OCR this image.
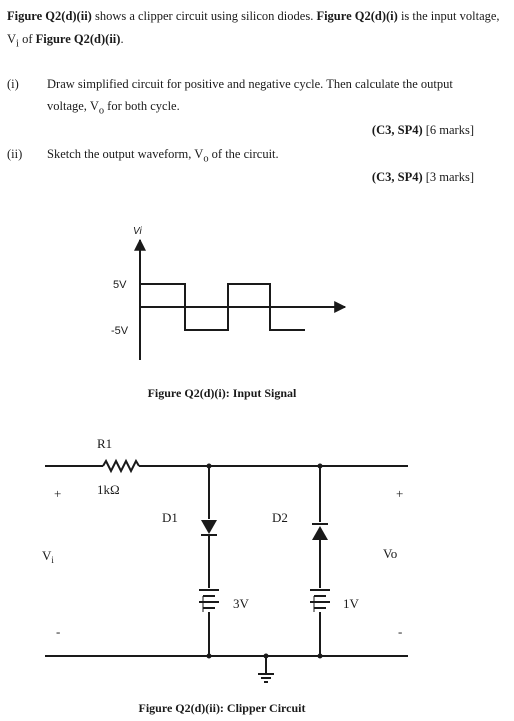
Figure Q2(d)(ii) shows a clipper circuit using silicon diodes. Figure Q2(d)(i) is the input voltage, $V_i$ of Figure Q2(d)(ii).
(i) Draw simplified circuit for positive and negative cycle. Then calculate the output voltage, $V_o$ for both cycle.
(C3, SP4) [6 marks]
(ii) Sketch the output waveform, $V_o$ of the circuit.
(C3, SP4) [3 marks]
Vi
5V
-5V
Figure Q2(d)(i): Input Signal
R1
1kΩ
+
-
$V_i$
D1	D2
3V	1V
+
-
Vo
Figure Q2(d)(ii): Clipper Circuit
